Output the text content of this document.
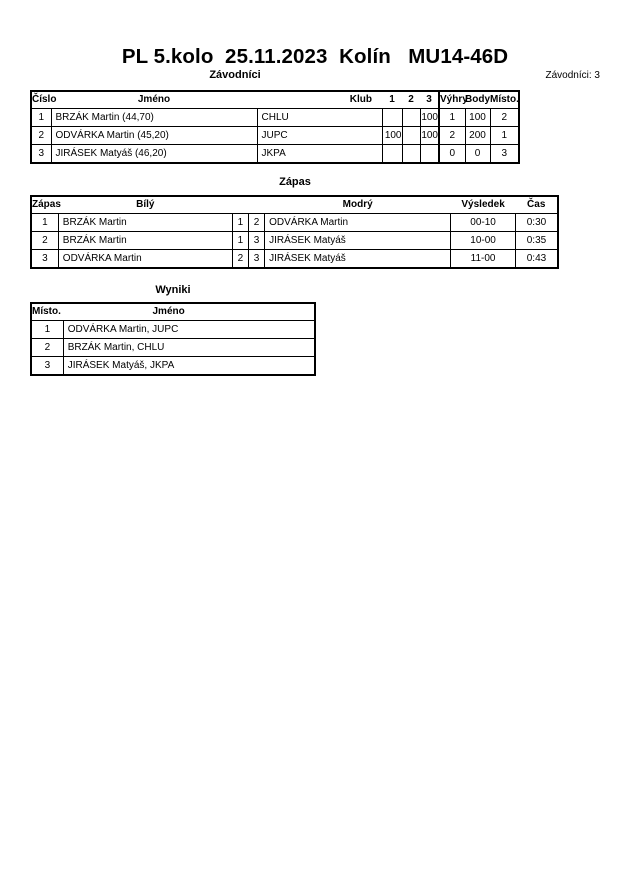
PL 5.kolo  25.11.2023  Kolín   MU14-46D
Závodníci	Závodníci: 3
Číslo	Jméno	Klub	1	2	3	Výhry	Body	Místo.
1	BRZÁK Martin (44,70)	CHLU			100	1	100	2
2	ODVÁRKA Martin (45,20)	JUPC	100		100	2	200	1
3	JIRÁSEK Matyáš (46,20)	JKPA				0	0	3
Zápas
Zápas	Bílý			Modrý	Výsledek	Čas
1	BRZÁK Martin	1	2	ODVÁRKA Martin	00-10	0:30
2	BRZÁK Martin	1	3	JIRÁSEK Matyáš	10-00	0:35
3	ODVÁRKA Martin	2	3	JIRÁSEK Matyáš	11-00	0:43
Wyniki
Místo.	Jméno
1	ODVÁRKA Martin, JUPC
2	BRZÁK Martin, CHLU
3	JIRÁSEK Matyáš, JKPA
